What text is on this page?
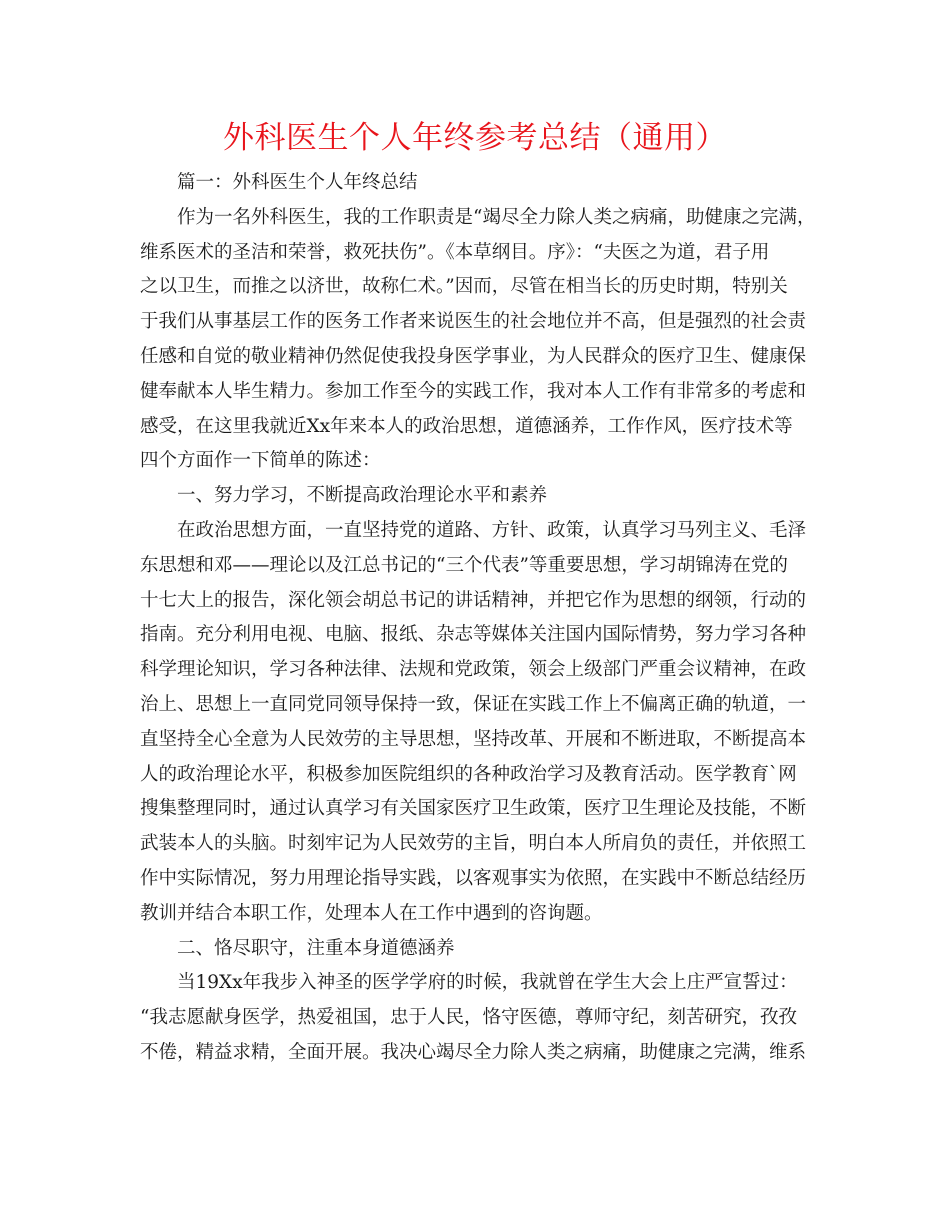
外科医生个人年终参考总结（通用）
篇一：外科医生个人年终总结
作为一名外科医生，我的工作职责是“竭尽全力除人类之病痛，助健康之完满，
维系医术的圣洁和荣誉，救死扶伤”。《本草纲目。序》：“夫医之为道，君子用
之以卫生，而推之以济世，故称仁术。”因而，尽管在相当长的历史时期，特别关
于我们从事基层工作的医务工作者来说医生的社会地位并不高，但是强烈的社会责
任感和自觉的敬业精神仍然促使我投身医学事业，为人民群众的医疗卫生、健康保
健奉献本人毕生精力。参加工作至今的实践工作，我对本人工作有非常多的考虑和
感受，在这里我就近Xx年来本人的政治思想，道德涵养，工作作风，医疗技术等
四个方面作一下简单的陈述：
一、努力学习，不断提高政治理论水平和素养
在政治思想方面，一直坚持党的道路、方针、政策，认真学习马列主义、毛泽
东思想和邓——理论以及江总书记的“三个代表”等重要思想，学习胡锦涛在党的
十七大上的报告，深化领会胡总书记的讲话精神，并把它作为思想的纲领，行动的
指南。充分利用电视、电脑、报纸、杂志等媒体关注国内国际情势，努力学习各种
科学理论知识，学习各种法律、法规和党政策，领会上级部门严重会议精神，在政
治上、思想上一直同党同领导保持一致，保证在实践工作上不偏离正确的轨道，一
直坚持全心全意为人民效劳的主导思想，坚持改革、开展和不断进取，不断提高本
人的政治理论水平，积极参加医院组织的各种政治学习及教育活动。医学教育`网
搜集整理同时，通过认真学习有关国家医疗卫生政策，医疗卫生理论及技能，不断
武装本人的头脑。时刻牢记为人民效劳的主旨，明白本人所肩负的责任，并依照工
作中实际情况，努力用理论指导实践，以客观事实为依照，在实践中不断总结经历
教训并结合本职工作，处理本人在工作中遇到的咨询题。
二、恪尽职守，注重本身道德涵养
当19Xx年我步入神圣的医学学府的时候，我就曾在学生大会上庄严宣誓过：
“我志愿献身医学，热爱祖国，忠于人民，恪守医德，尊师守纪，刻苦研究，孜孜
不倦，精益求精，全面开展。我决心竭尽全力除人类之病痛，助健康之完满，维系
